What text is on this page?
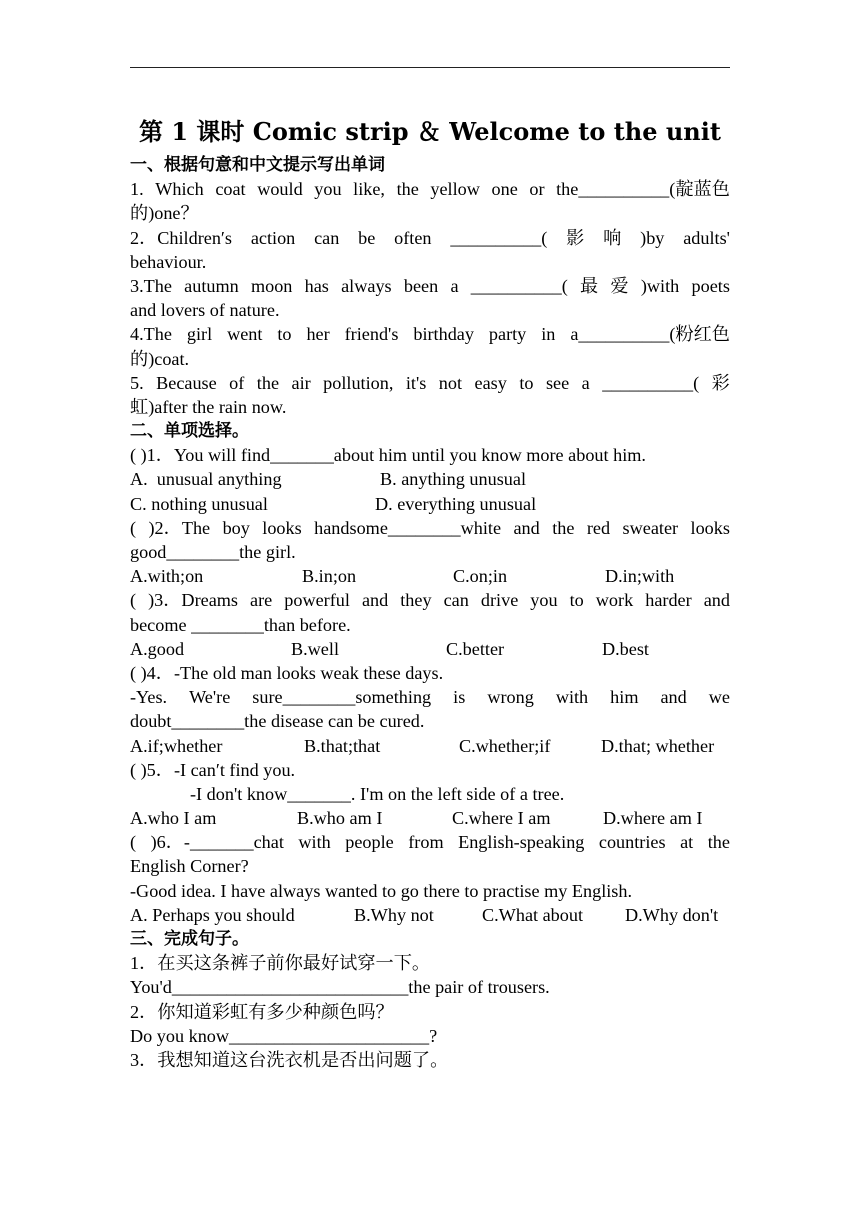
第 1 课时 Comic strip ＆ Welcome to the unit
一、根据句意和中文提示写出单词
1. Which coat would you like, the yellow one or the__________(靛蓝色
的)one？
2．Children′s action can be often __________( 影 响 )by adults'
behaviour.
3.The autumn moon has always been a __________( 最 爱 )with poets
and lovers of nature.
4.The girl went to her friend's birthday party in a__________(粉红色
的)coat.
5. Because of the air pollution, it's not easy to see a __________( 彩
虹)after the rain now.
二、单项选择。
( )1．You will find_______about him until you know more about him.
A.  unusual anything	B. anything unusual
C. nothing unusual	D. everything unusual
( )2．The boy looks handsome________white and the red sweater looks
good________the girl.
A.with;on	B.in;on	C.on;in	D.in;with
( )3．Dreams are powerful and they can drive you to work harder and
become ________than before.
A.good	B.well	C.better	D.best
( )4．-The old man looks weak these days.
-Yes. We're sure________something is wrong with him and we
doubt________the disease can be cured.
A.if;whether	B.that;that	C.whether;if	D.that; whether
( )5．-I can′t find you.
-I don't know_______. I'm on the left side of a tree.
A.who I am	B.who am I	C.where I am	D.where am I
( )6．-_______chat with people from English-speaking countries at the
English Corner?
-Good idea. I have always wanted to go there to practise my English.
A. Perhaps you should	B.Why not	C.What about D.Why don't
三、完成句子。
1．在买这条裤子前你最好试穿一下。
You'd__________________________the pair of trousers.
2．你知道彩虹有多少种颜色吗？
Do you know______________________?
3．我想知道这台洗衣机是否出问题了。
